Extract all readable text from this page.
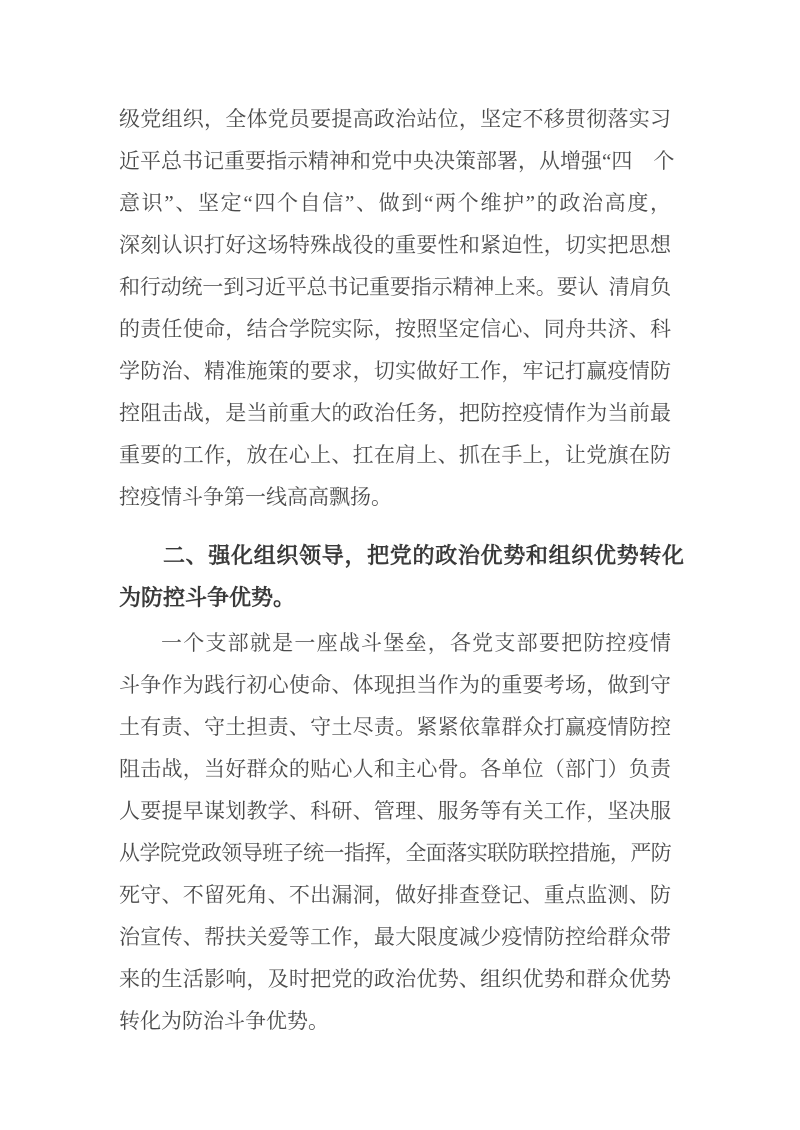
级党组织，全体党员要提高政治站位，坚定不移贯彻落实习
近平总书记重要指示精神和党中央决策部署，从增强“四　个
意识”、坚定“四个自信”、做到“两个维护”的政治高度，
深刻认识打好这场特殊战役的重要性和紧迫性，切实把思想
和行动统一到习近平总书记重要指示精神上来。要认 清肩负
的责任使命，结合学院实际，按照坚定信心、同舟共济、科
学防治、精准施策的要求，切实做好工作，牢记打赢疫情防
控阻击战，是当前重大的政治任务，把防控疫情作为当前最
重要的工作，放在心上、扛在肩上、抓在手上，让党旗在防
控疫情斗争第一线高高飘扬。
二、强化组织领导，把党的政治优势和组织优势转化
为防控斗争优势。
一个支部就是一座战斗堡垒，各党支部要把防控疫情
斗争作为践行初心使命、体现担当作为的重要考场，做到守
土有责、守土担责、守土尽责。紧紧依靠群众打赢疫情防控
阻击战，当好群众的贴心人和主心骨。各单位（部门）负责
人要提早谋划教学、科研、管理、服务等有关工作，坚决服
从学院党政领导班子统一指挥，全面落实联防联控措施，严防
死守、不留死角、不出漏洞，做好排查登记、重点监测、防
治宣传、帮扶关爱等工作，最大限度减少疫情防控给群众带
来的生活影响，及时把党的政治优势、组织优势和群众优势
转化为防治斗争优势。
